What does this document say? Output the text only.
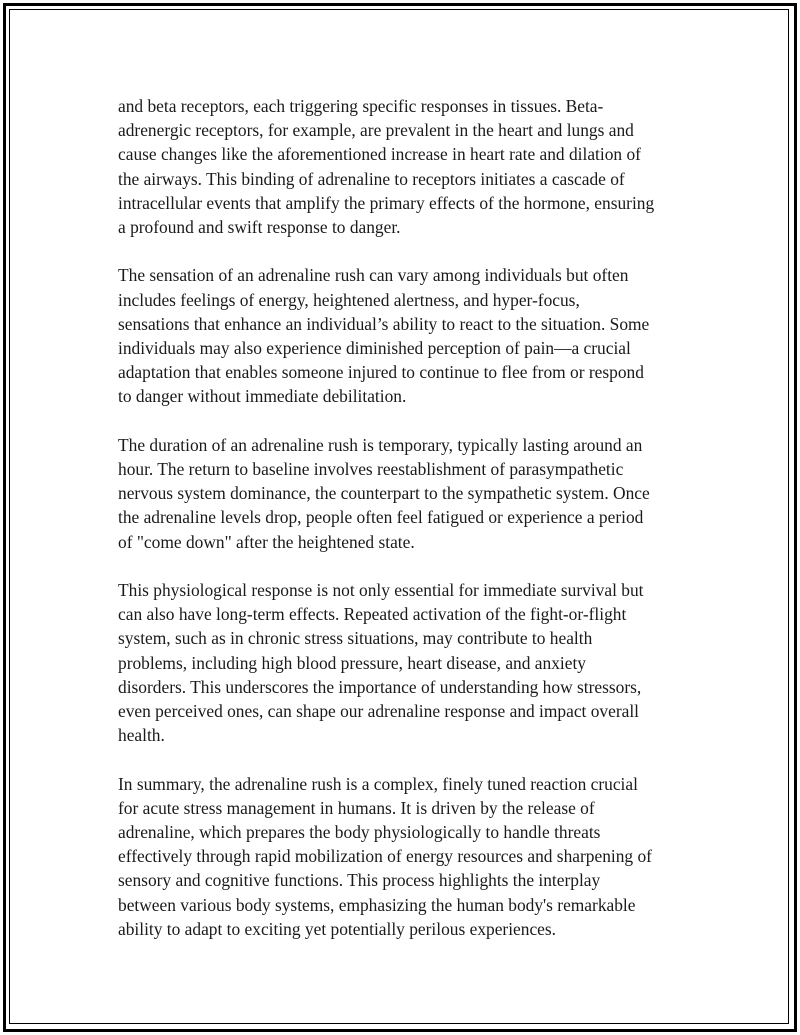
and beta receptors, each triggering specific responses in tissues. Beta-
adrenergic receptors, for example, are prevalent in the heart and lungs and
cause changes like the aforementioned increase in heart rate and dilation of
the airways. This binding of adrenaline to receptors initiates a cascade of
intracellular events that amplify the primary effects of the hormone, ensuring
a profound and swift response to danger.

The sensation of an adrenaline rush can vary among individuals but often
includes feelings of energy, heightened alertness, and hyper-focus,
sensations that enhance an individual’s ability to react to the situation. Some
individuals may also experience diminished perception of pain—a crucial
adaptation that enables someone injured to continue to flee from or respond
to danger without immediate debilitation.

The duration of an adrenaline rush is temporary, typically lasting around an
hour. The return to baseline involves reestablishment of parasympathetic
nervous system dominance, the counterpart to the sympathetic system. Once
the adrenaline levels drop, people often feel fatigued or experience a period
of "come down" after the heightened state.

This physiological response is not only essential for immediate survival but
can also have long-term effects. Repeated activation of the fight-or-flight
system, such as in chronic stress situations, may contribute to health
problems, including high blood pressure, heart disease, and anxiety
disorders. This underscores the importance of understanding how stressors,
even perceived ones, can shape our adrenaline response and impact overall
health.

In summary, the adrenaline rush is a complex, finely tuned reaction crucial
for acute stress management in humans. It is driven by the release of
adrenaline, which prepares the body physiologically to handle threats
effectively through rapid mobilization of energy resources and sharpening of
sensory and cognitive functions. This process highlights the interplay
between various body systems, emphasizing the human body's remarkable
ability to adapt to exciting yet potentially perilous experiences.
